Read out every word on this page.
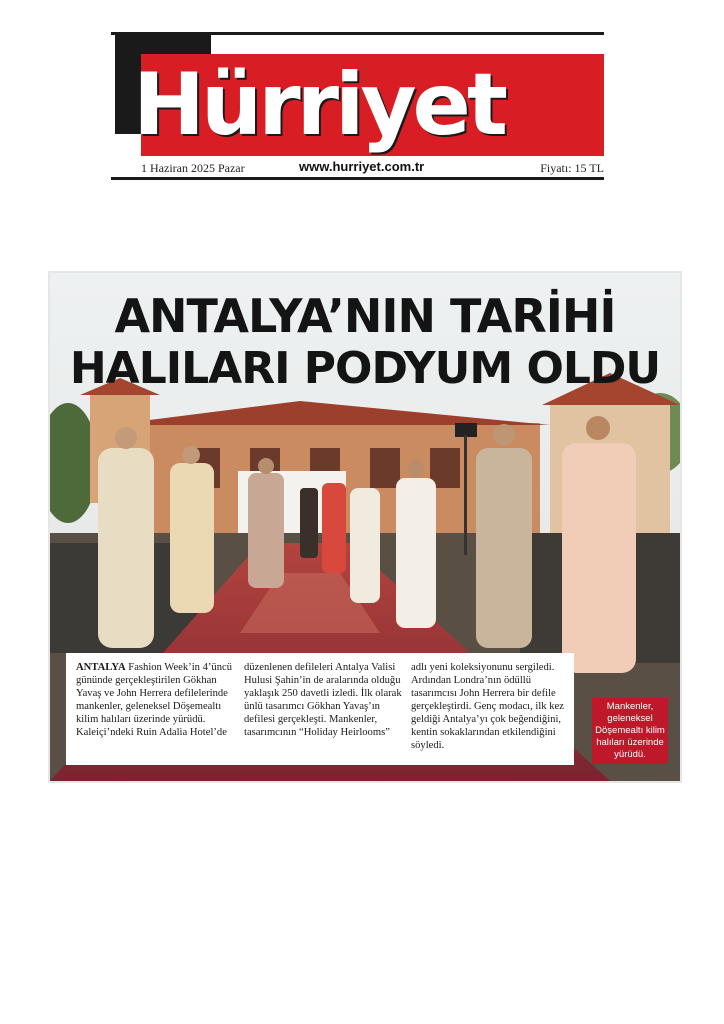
Hürriyet
1 Haziran 2025 Pazar	www.hurriyet.com.tr	Fiyatı: 15 TL
ANTALYA’NIN TARİHİ
HALILARI PODYUM OLDU
ANTALYA Fashion Week’in 4’üncü gününde gerçekleştirilen Gökhan Yavaş ve John Herrera defilelerinde mankenler, geleneksel Döşemealtı kilim halıları üzerinde yürüdü. Kaleiçi’ndeki Ruin Adalia Hotel’de
düzenlenen defileleri Antalya Valisi Hulusi Şahin’in de aralarında olduğu yaklaşık 250 davetli izledi. İlk olarak ünlü tasarımcı Gökhan Yavaş’ın defilesi gerçekleşti. Mankenler, tasarımcının “Holiday Heirlooms”
adlı yeni koleksiyonunu sergiledi. Ardından Londra’nın ödüllü tasarımcısı John Herrera bir defile gerçekleştirdi. Genç modacı, ilk kez geldiği Antalya’yı çok beğendiğini, kentin sokaklarından etkilendiğini söyledi.
Mankenler, geleneksel Döşemealtı kilim halıları üzerinde yürüdü.
